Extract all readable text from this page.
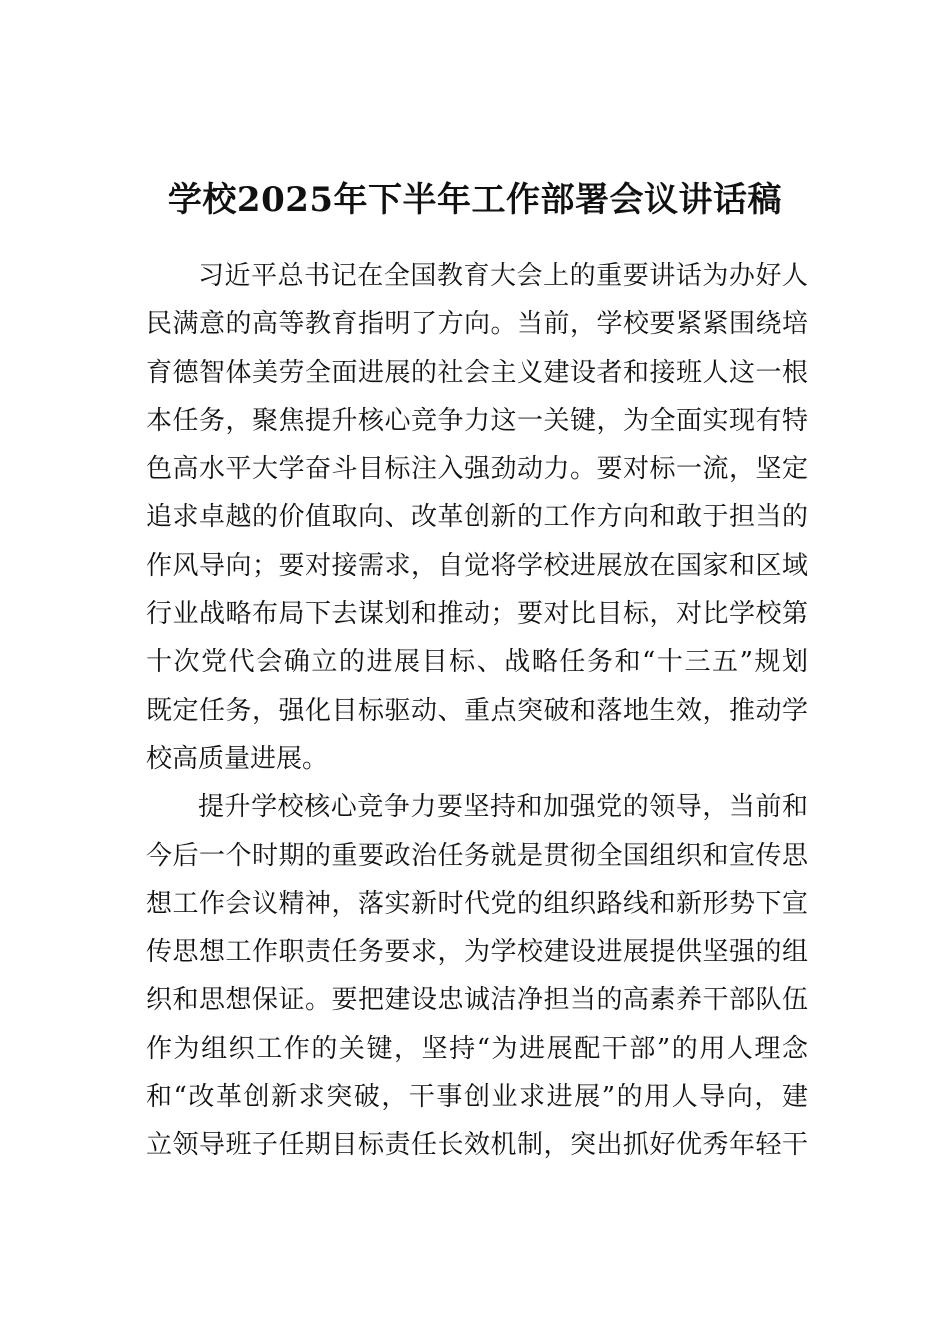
学校2025年下半年工作部署会议讲话稿
习近平总书记在全国教育大会上的重要讲话为办好人
民满意的高等教育指明了方向。当前，学校要紧紧围绕培
育德智体美劳全面进展的社会主义建设者和接班人这一根
本任务，聚焦提升核心竞争力这一关键，为全面实现有特
色高水平大学奋斗目标注入强劲动力。要对标一流，坚定
追求卓越的价值取向、改革创新的工作方向和敢于担当的
作风导向；要对接需求，自觉将学校进展放在国家和区域
行业战略布局下去谋划和推动；要对比目标，对比学校第
十次党代会确立的进展目标、战略任务和“十三五”规划
既定任务，强化目标驱动、重点突破和落地生效，推动学
校高质量进展。
提升学校核心竞争力要坚持和加强党的领导，当前和
今后一个时期的重要政治任务就是贯彻全国组织和宣传思
想工作会议精神，落实新时代党的组织路线和新形势下宣
传思想工作职责任务要求，为学校建设进展提供坚强的组
织和思想保证。要把建设忠诚洁净担当的高素养干部队伍
作为组织工作的关键，坚持“为进展配干部”的用人理念
和“改革创新求突破，干事创业求进展”的用人导向，建
立领导班子任期目标责任长效机制，突出抓好优秀年轻干
